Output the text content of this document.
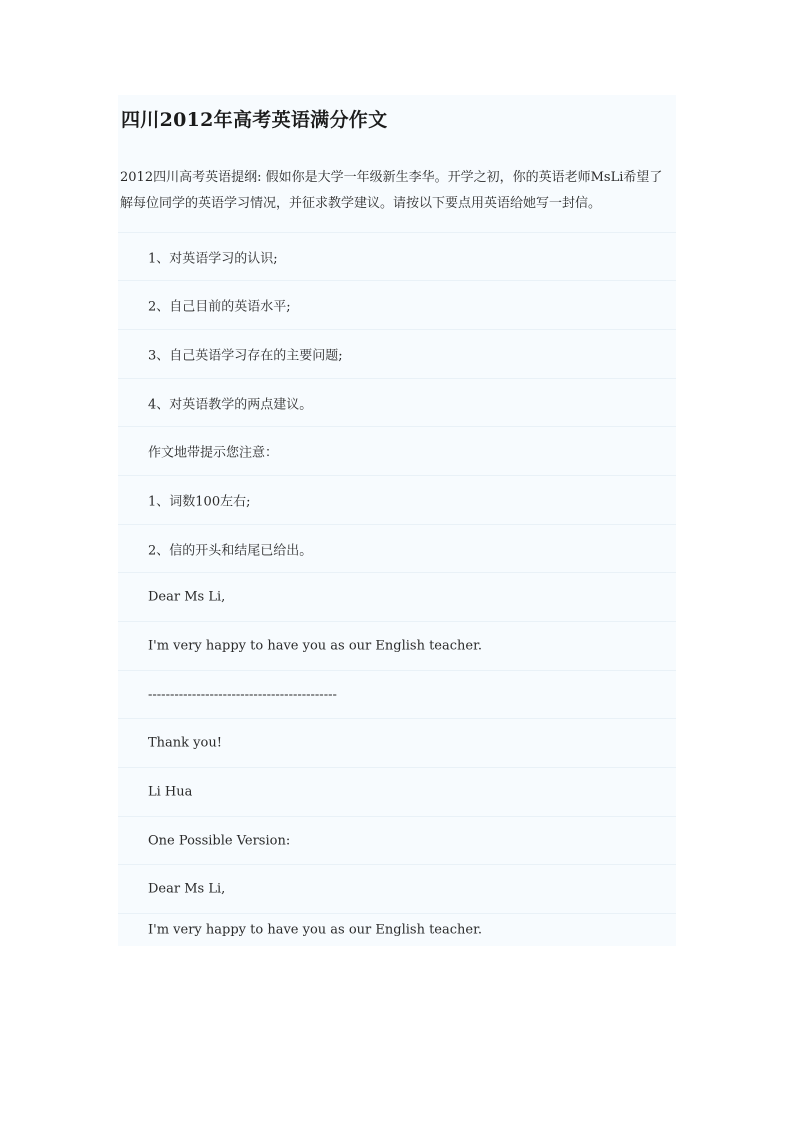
四川2012年高考英语满分作文

2012四川高考英语提纲: 假如你是大学一年级新生李华。开学之初，你的英语老师MsLi希望了解每位同学的英语学习情况，并征求教学建议。请按以下要点用英语给她写一封信。

1、对英语学习的认识;
2、自己目前的英语水平;
3、自己英语学习存在的主要问题;
4、对英语教学的两点建议。
作文地带提示您注意：
1、词数100左右;
2、信的开头和结尾已给出。
Dear Ms Li,
I'm very happy to have you as our English teacher.
-------------------------------------------
Thank you!
Li Hua
One Possible Version:
Dear Ms Li,
I'm very happy to have you as our English teacher.
